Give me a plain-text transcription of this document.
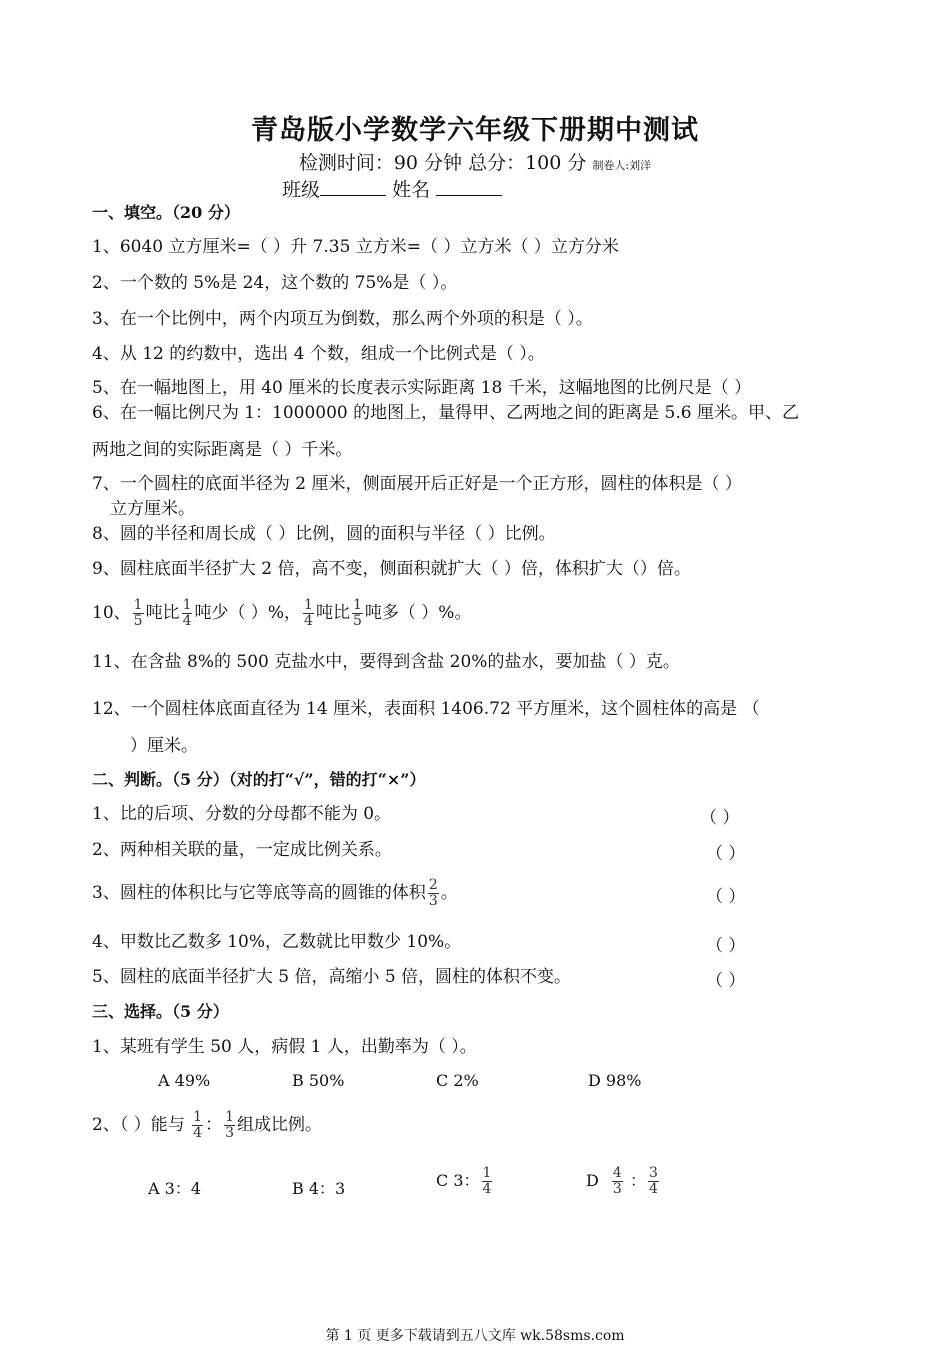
青岛版小学数学六年级下册期中测试
检测时间：90 分钟 总分：100 分 制卷人:刘洋
班级	姓名
一、填空。（20 分）
1、6040 立方厘米=（ ）升 7.35 立方米=（ ）立方米（ ）立方分米
2、一个数的 5%是 24，这个数的 75%是（ ）。
3、在一个比例中，两个内项互为倒数，那么两个外项的积是（ ）。
4、从 12 的约数中，选出 4 个数，组成一个比例式是（ ）。
5、在一幅地图上，用 40 厘米的长度表示实际距离 18 千米，这幅地图的比例尺是（ ）
6、在一幅比例尺为 1：1000000 的地图上，量得甲、乙两地之间的距离是 5.6 厘米。甲、乙
两地之间的实际距离是（ ）千米。
7、一个圆柱的底面半径为 2 厘米，侧面展开后正好是一个正方形，圆柱的体积是（ ）
立方厘米。
8、圆的半径和周长成（ ）比例，圆的面积与半径（ ）比例。
9、圆柱底面半径扩大 2 倍，高不变，侧面积就扩大（ ）倍，体积扩大（）倍。
10、 $\frac{1}{5}$ 吨比 $\frac{1}{4}$ 吨少（ ）%， $\frac{1}{4}$ 吨比 $\frac{1}{5}$ 吨多（ ）%。
11、在含盐 8%的 500 克盐水中，要得到含盐 20%的盐水，要加盐（ ）克。
12、一个圆柱体底面直径为 14 厘米，表面积 1406.72 平方厘米，这个圆柱体的高是 （
）厘米。
二、判断。（5 分）（对的打“√”，错的打“×”）
1、比的后项、分数的分母都不能为 0。	（ ）
2、两种相关联的量，一定成比例关系。	（ ）
3、圆柱的体积比与它等底等高的圆锥的体积 $\frac{2}{3}$ 。	（ ）
4、甲数比乙数多 10%，乙数就比甲数少 10%。	（ ）
5、圆柱的底面半径扩大 5 倍，高缩小 5 倍，圆柱的体积不变。	（ ）
三、选择。（5 分）
1、某班有学生 50 人，病假 1 人，出勤率为（ ）。
A 49%	B 50%	C 2%	D 98%
2、（ ）能与 $\frac{1}{4}$ ： $\frac{1}{3}$ 组成比例。
A 3：4	B 4：3	C 3： $\frac{1}{4}$	D $\frac{4}{3}$ ： $\frac{3}{4}$
第 1 页 更多下载请到五八文库 wk.58sms.com
